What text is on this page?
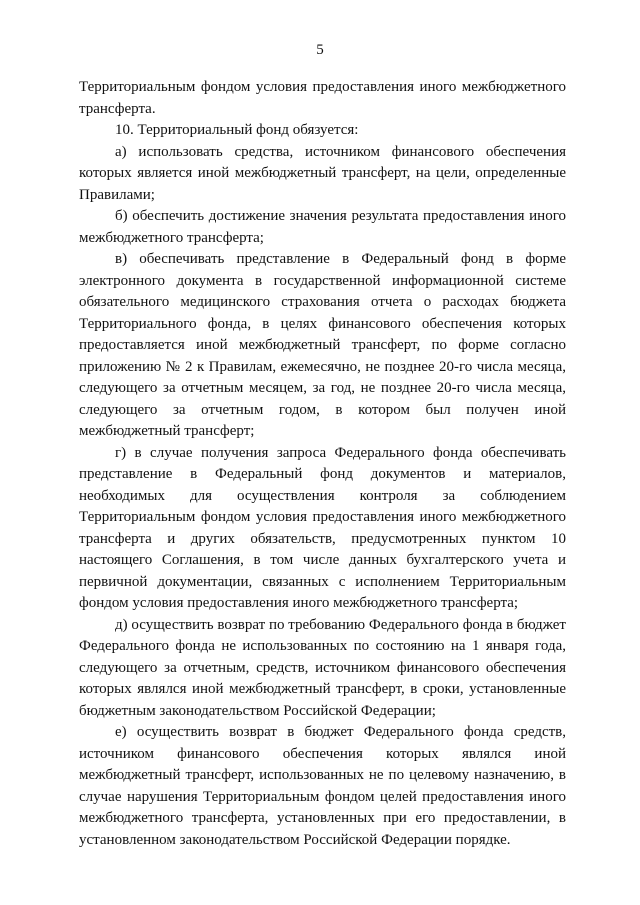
5

Территориальным фондом условия предоставления иного межбюджетного трансферта.

10. Территориальный фонд обязуется:

а) использовать средства, источником финансового обеспечения которых является иной межбюджетный трансферт, на цели, определенные Правилами;

б) обеспечить достижение значения результата предоставления иного межбюджетного трансферта;

в) обеспечивать представление в Федеральный фонд в форме электронного документа в государственной информационной системе обязательного медицинского страхования отчета о расходах бюджета Территориального фонда, в целях финансового обеспечения которых предоставляется иной межбюджетный трансферт, по форме согласно приложению № 2 к Правилам, ежемесячно, не позднее 20-го числа месяца, следующего за отчетным месяцем, за год, не позднее 20-го числа месяца, следующего за отчетным годом, в котором был получен иной межбюджетный трансферт;

г) в случае получения запроса Федерального фонда обеспечивать представление в Федеральный фонд документов и материалов, необходимых для осуществления контроля за соблюдением Территориальным фондом условия предоставления иного межбюджетного трансферта и других обязательств, предусмотренных пунктом 10 настоящего Соглашения, в том числе данных бухгалтерского учета и первичной документации, связанных с исполнением Территориальным фондом условия предоставления иного межбюджетного трансферта;

д) осуществить возврат по требованию Федерального фонда в бюджет Федерального фонда не использованных по состоянию на 1 января года, следующего за отчетным, средств, источником финансового обеспечения которых являлся иной межбюджетный трансферт, в сроки, установленные бюджетным законодательством Российской Федерации;

е) осуществить возврат в бюджет Федерального фонда средств, источником финансового обеспечения которых являлся иной межбюджетный трансферт, использованных не по целевому назначению, в случае нарушения Территориальным фондом целей предоставления иного межбюджетного трансферта, установленных при его предоставлении, в установленном законодательством Российской Федерации порядке.
